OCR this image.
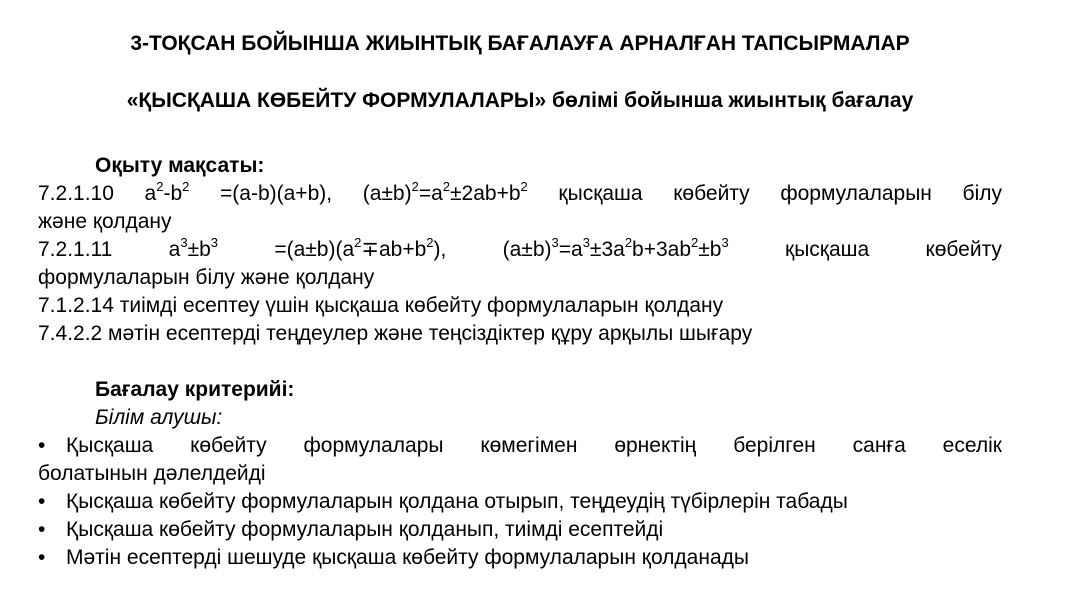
3-ТОҚСАН БОЙЫНША ЖИЫНТЫҚ БАҒАЛАУҒА АРНАЛҒАН ТАПСЫРМАЛАР
«ҚЫСҚАША КӨБЕЙТУ ФОРМУЛАЛАРЫ» бөлімі бойынша жиынтық бағалау
Оқыту мақсаты:
7.2.1.10 $a^2-b^2 =(a-b)(a+b)$, $(a\pm b)^2=a^2\pm 2ab+b^2$ қысқаша көбейту формулаларын білу
және қолдану
7.2.1.11	$a^3\pm b^3$	$=(a\pm b)(a^2\mp ab+b^2)$,	$(a\pm b)^3=a^3\pm 3a^2b+3ab^2\pm b^3$	қысқаша	көбейту
формулаларын білу және қолдану
7.1.2.14 тиімді есептеу үшін қысқаша көбейту формулаларын қолдану
7.4.2.2 мәтін есептерді теңдеулер және теңсіздіктер құру арқылы шығару
Бағалау критерийі:
Білім алушы:
• Қысқаша көбейту формулалары көмегімен өрнектің берілген санға еселік
болатынын дәлелдейді
• Қысқаша көбейту формулаларын қолдана отырып, теңдеудің түбірлерін табады
• Қысқаша көбейту формулаларын қолданып, тиімді есептейді
• Мәтін есептерді шешуде қысқаша көбейту формулаларын қолданады
